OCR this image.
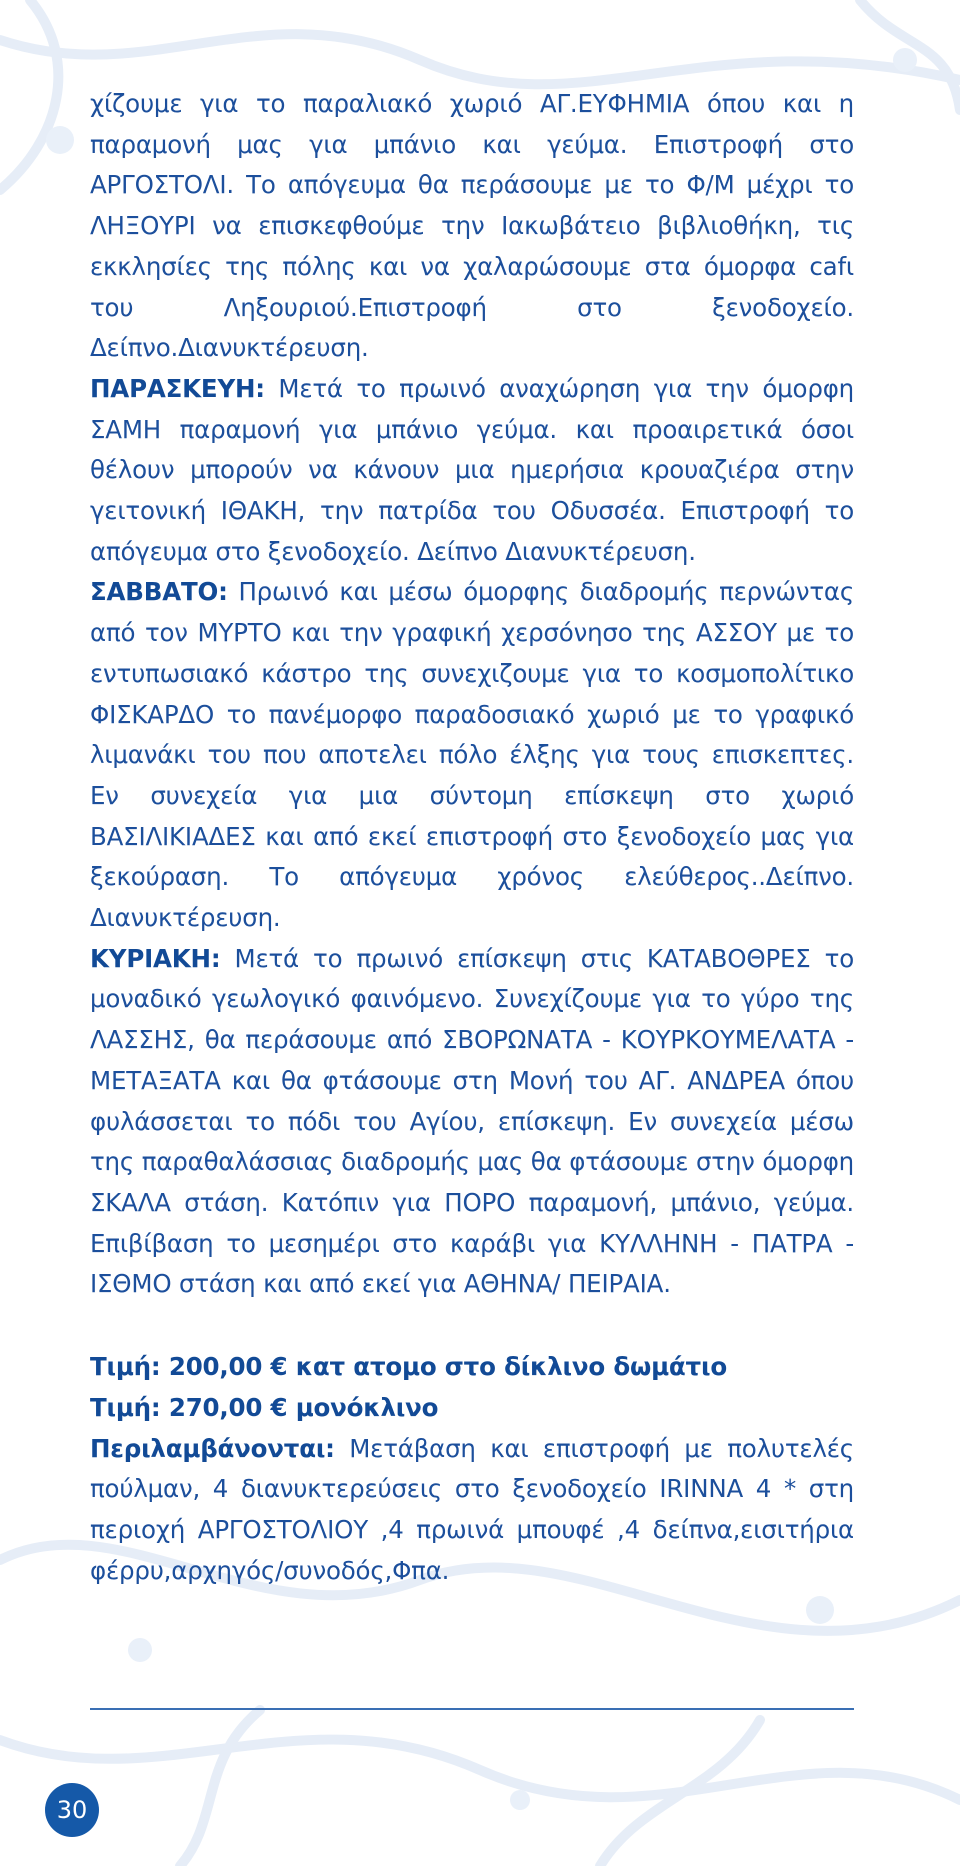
χίζουμε για το παραλιακό χωριό ΑΓ.ΕΥΦΗΜΙΑ όπου και η παραμονή μας για μπάνιο και γεύμα. Επιστροφή στο ΑΡΓΟΣΤΟΛΙ. Το απόγευμα θα περάσουμε με το Φ/Μ μέχρι το ΛΗΞΟΥΡΙ να επισκεφθούμε την Ιακωβάτειο βιβλιοθήκη, τις εκκλησίες της πόλης και να χαλαρώσουμε στα όμορφα cafι του Ληξουριού.Επιστροφή στο ξενοδοχείο. Δείπνο.Διανυκτέρευση.

ΠΑΡΑΣΚΕΥΗ: Μετά το πρωινό αναχώρηση για την όμορφη ΣΑΜΗ παραμονή για μπάνιο γεύμα. και προαιρετικά όσοι θέλουν μπορούν να κάνουν μια ημερήσια κρουαζιέρα στην γειτονική ΙΘΑΚΗ, την πατρίδα του Οδυσσέα. Επιστροφή το απόγευμα στο ξενοδοχείο. Δείπνο Διανυκτέρευση.

ΣΑΒΒΑΤΟ: Πρωινό και μέσω όμορφης διαδρομής περνώντας από τον ΜΥΡΤΟ και την γραφική χερσόνησο της ΑΣΣΟΥ με το εντυπωσιακό κάστρο της συνεχιζουμε για το κοσμοπολίτικο ΦΙΣΚΑΡΔΟ το πανέμορφο παραδοσιακό χωριό με το γραφικό λιμανάκι του που αποτελει πόλο έλξης για τους επισκεπτες. Εν συνεχεία για μια σύντομη επίσκεψη στο χωριό ΒΑΣΙΛΙΚΙΑΔΕΣ και από εκεί επιστροφή στο ξενοδοχείο μας για ξεκούραση. Το απόγευμα χρόνος ελεύθερος..Δείπνο. Διανυκτέρευση.

ΚΥΡΙΑΚΗ: Μετά το πρωινό επίσκεψη στις ΚΑΤΑΒΟΘΡΕΣ το μοναδικό γεωλογικό φαινόμενο. Συνεχίζουμε για το γύρο της ΛΑΣΣΗΣ, θα περάσουμε από ΣΒΟΡΩΝΑΤΑ - ΚΟΥΡΚΟΥΜΕΛΑΤΑ - ΜΕΤΑΞΑΤΑ και θα φτάσουμε στη Μονή του ΑΓ. ΑΝΔΡΕΑ όπου φυλάσσεται το πόδι του Αγίου, επίσκεψη. Εν συνεχεία μέσω της παραθαλάσσιας διαδρομής μας θα φτάσουμε στην όμορφη ΣΚΑΛΑ στάση. Κατόπιν για ΠΟΡΟ παραμονή, μπάνιο, γεύμα. Επιβίβαση το μεσημέρι στο καράβι για ΚΥΛΛΗΝΗ - ΠΑΤΡΑ - ΙΣΘΜΟ στάση και από εκεί για ΑΘΗΝΑ/ ΠΕΙΡΑΙΑ.

Τιμή: 200,00 € κατ ατομο στο δίκλινο δωμάτιο

Τιμή: 270,00 € μονόκλινο

Περιλαμβάνονται: Μετάβαση και επιστροφή με πολυτελές πούλμαν, 4 διανυκτερεύσεις στο ξενοδοχείο IRINNA 4 * στη περιοχή ΑΡΓΟΣΤΟΛΙΟΥ ,4 πρωινά μπουφέ ,4 δείπνα,εισιτήρια φέρρυ,αρχηγός/συνοδός,Φπα.

30
